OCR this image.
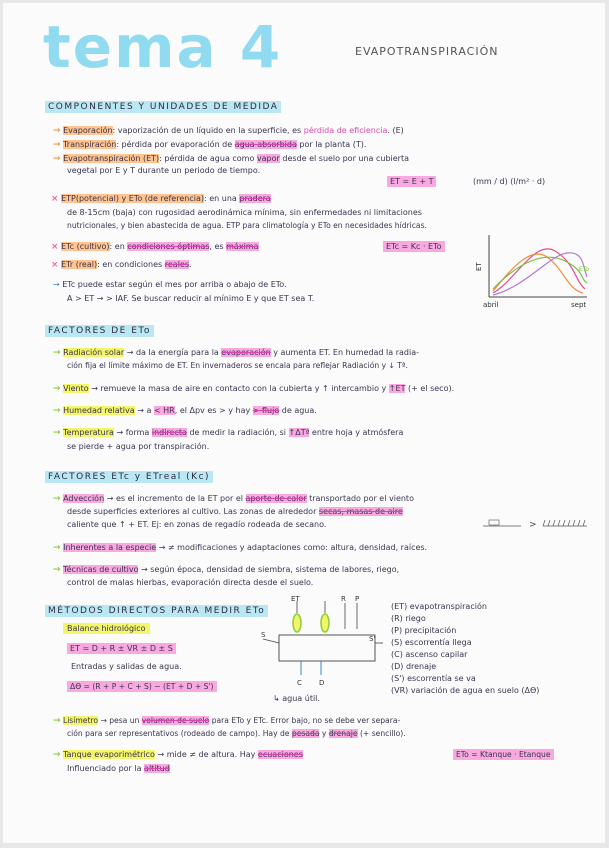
tema 4	EVAPOTRANSPIRACIÓN
COMPONENTES Y UNIDADES DE MEDIDA
→ Evaporación: vaporización de un líquido en la superficie, es pérdida de eficiencia. (E)
→ Transpiración: pérdida por evaporación de agua absorbida por la planta (T).
→ Evapotranspiración (ET): pérdida de agua como vapor desde el suelo por una cubierta
vegetal por E y T durante un periodo de tiempo.
ET = E + T	(mm / d) (l/m² · d)
× ETP(potencial) y ETo (de referencia): en una pradera
de 8-15cm (baja) con rugosidad aerodinámica mínima, sin enfermedades ni limitaciones
nutricionales, y bien abastecida de agua. ETP para climatología y ETo en necesidades hídricas.
× ETc (cultivo): en condiciones óptimas, es máxima	ETc = Kc · ETo
× ETr (real): en condiciones reales.
→ ETc puede estar según el mes por arriba o abajo de ETo.
A > ET → > IAF. Se buscar reducir al mínimo E y que ET sea T.
ET
abril	sept
ETo
FACTORES DE ETo
→ Radiación solar → da la energía para la evaporación y aumenta ET. En humedad la radia-
ción fija el límite máximo de ET. En invernaderos se encala para reflejar Radiación y ↓ Tª.
→ Viento → remueve la masa de aire en contacto con la cubierta y ↑ intercambio y ↑ET (+ el seco).
→ Humedad relativa → a < HR, el Δpv es > y hay > flujo de agua.
→ Temperatura → forma indirecta de medir la radiación, si ↑ΔTª entre hoja y atmósfera
se pierde + agua por transpiración.
FACTORES ETc y ETreal (Kc)
→ Advección → es el incremento de la ET por el aporte de calor transportado por el viento
desde superficies exteriores al cultivo. Las zonas de alrededor secas, masas de aire
caliente que ↑ + ET. Ej: en zonas de regadío rodeada de secano.	>
→ Inherentes a la especie → ≠ modificaciones y adaptaciones como: altura, densidad, raíces.
→ Técnicas de cultivo → según época, densidad de siembra, sistema de labores, riego,
control de malas hierbas, evaporación directa desde el suelo.
MÉTODOS DIRECTOS PARA MEDIR ETo
Balance hidrológico
ET = D + R ± VR ± D ± S
Entradas y salidas de agua.
ΔƟ = (R + P + C + S) − (ET + D + S')
↳ agua útil.
ET	R P
S	S'
C D
(ET) evapotranspiración
(R) riego
(P) precipitación
(S) escorrentía llega
(C) ascenso capilar
(D) drenaje
(S') escorrentía se va
(VR) variación de agua en suelo (ΔƟ)
→ Lisímetro → pesa un volumen de suelo para ETo y ETc. Error bajo, no se debe ver separa-
ción para ser representativos (rodeado de campo). Hay de pesada y drenaje (+ sencillo).
→ Tanque evaporimétrico → mide ≠ de altura. Hay ecuaciones	ETo = Ktanque · Etanque
Influenciado por la altitud
